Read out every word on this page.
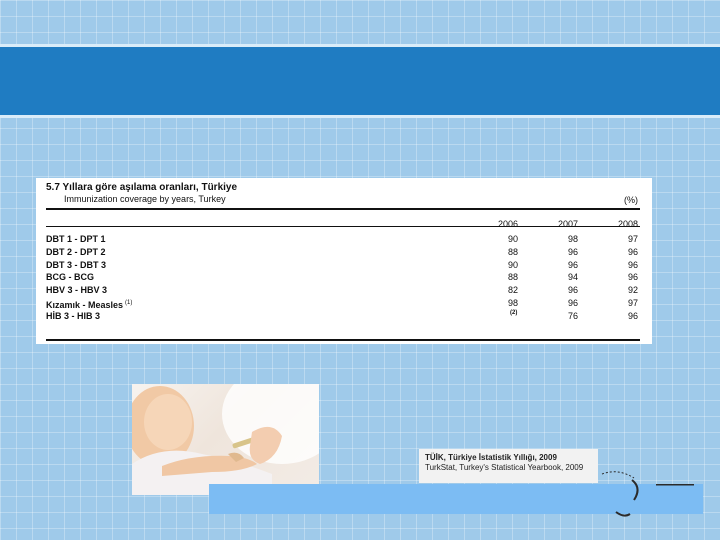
5.7 Yıllara göre aşılama oranları, Türkiye
Immunization coverage by years, Turkey	(%)
2006	2007	2008
DBT 1 - DPT 1	90	98	97
DBT 2 - DPT 2	88	96	96
DBT 3 - DBT 3	90	96	96
BCG - BCG	88	94	96
HBV 3 - HBV 3	82	96	92
Kızamık - Measles $^{(1)}$	98	96	97
HİB 3 - HIB 3	(2)	76	96
TÜİK, Türkiye İstatistik Yıllığı, 2009
TurkStat, Turkey's Statistical Yearbook, 2009
